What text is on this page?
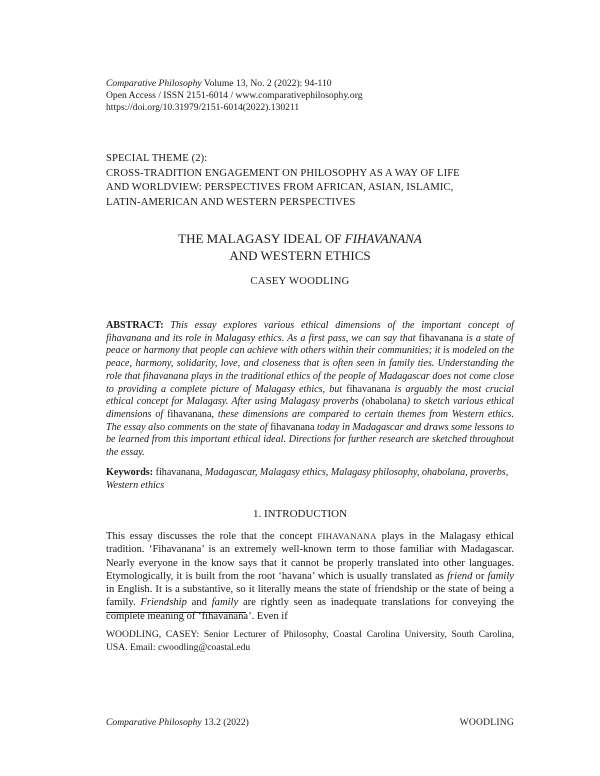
Comparative Philosophy Volume 13, No. 2 (2022): 94-110
Open Access / ISSN 2151-6014 / www.comparativephilosophy.org
https://doi.org/10.31979/2151-6014(2022).130211
SPECIAL THEME (2):
CROSS-TRADITION ENGAGEMENT ON PHILOSOPHY AS A WAY OF LIFE
AND WORLDVIEW: PERSPECTIVES FROM AFRICAN, ASIAN, ISLAMIC,
LATIN-AMERICAN AND WESTERN PERSPECTIVES
THE MALAGASY IDEAL OF FIHAVANANA
AND WESTERN ETHICS
CASEY WOODLING
ABSTRACT: This essay explores various ethical dimensions of the important concept of fihavanana and its role in Malagasy ethics. As a first pass, we can say that fihavanana is a state of peace or harmony that people can achieve with others within their communities; it is modeled on the peace, harmony, solidarity, love, and closeness that is often seen in family ties. Understanding the role that fihavanana plays in the traditional ethics of the people of Madagascar does not come close to providing a complete picture of Malagasy ethics, but fihavanana is arguably the most crucial ethical concept for Malagasy. After using Malagasy proverbs (ohabolana) to sketch various ethical dimensions of fihavanana, these dimensions are compared to certain themes from Western ethics. The essay also comments on the state of fihavanana today in Madagascar and draws some lessons to be learned from this important ethical ideal. Directions for further research are sketched throughout the essay.
Keywords: fihavanana, Madagascar, Malagasy ethics, Malagasy philosophy, ohabolana, proverbs, Western ethics
1. INTRODUCTION
This essay discusses the role that the concept FIHAVANANA plays in the Malagasy ethical tradition. ‘Fihavanana’ is an extremely well-known term to those familiar with Madagascar. Nearly everyone in the know says that it cannot be properly translated into other languages. Etymologically, it is built from the root ‘havana’ which is usually translated as friend or family in English. It is a substantive, so it literally means the state of friendship or the state of being a family. Friendship and family are rightly seen as inadequate translations for conveying the complete meaning of ‘fihavanana’. Even if
WOODLING, CASEY: Senior Lecturer of Philosophy, Coastal Carolina University, South Carolina, USA. Email: cwoodling@coastal.edu
Comparative Philosophy 13.2 (2022)	WOODLING
